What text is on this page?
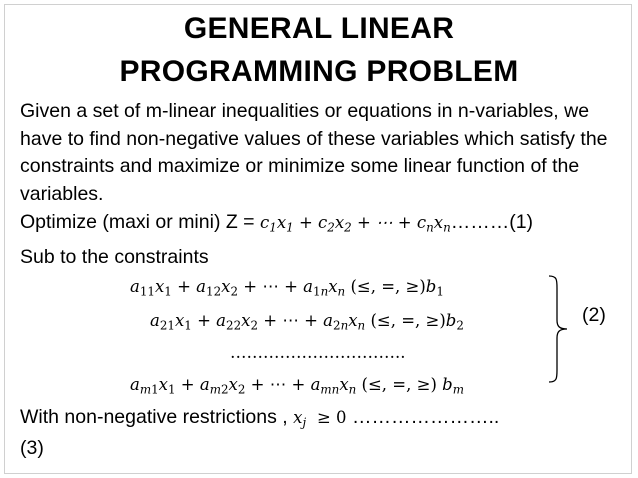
GENERAL LINEAR
PROGRAMMING PROBLEM
Given a set of m-linear inequalities or equations in n-variables, we have to find non-negative values of these variables which satisfy the constraints and maximize or minimize some linear function of the variables.
Optimize (maxi or mini) $Z = c_1x_1 + c_2x_2$ + ⋯ + $c_nx_n\dots\dots\dots(1)$
Sub to the constraints
$a_{11}x_1 + a_{12}x_2$ + ⋯ + $a_{1n}x_n$ (≤, =, $\ge)b_1$
$a_{21}x_1 + a_{22}x_2$ + ⋯ + $a_{2n}x_n$ (≤, =, $\ge)b_2$
…………………………..
$a_{m1}x_1 + a_{m2}x_2$ + ⋯ + $a_{mn}x_n$ (≤, =, ≥) $b_m$
(2)
With non-negative restrictions , $x_j \ge 0$ …………………..
(3)
